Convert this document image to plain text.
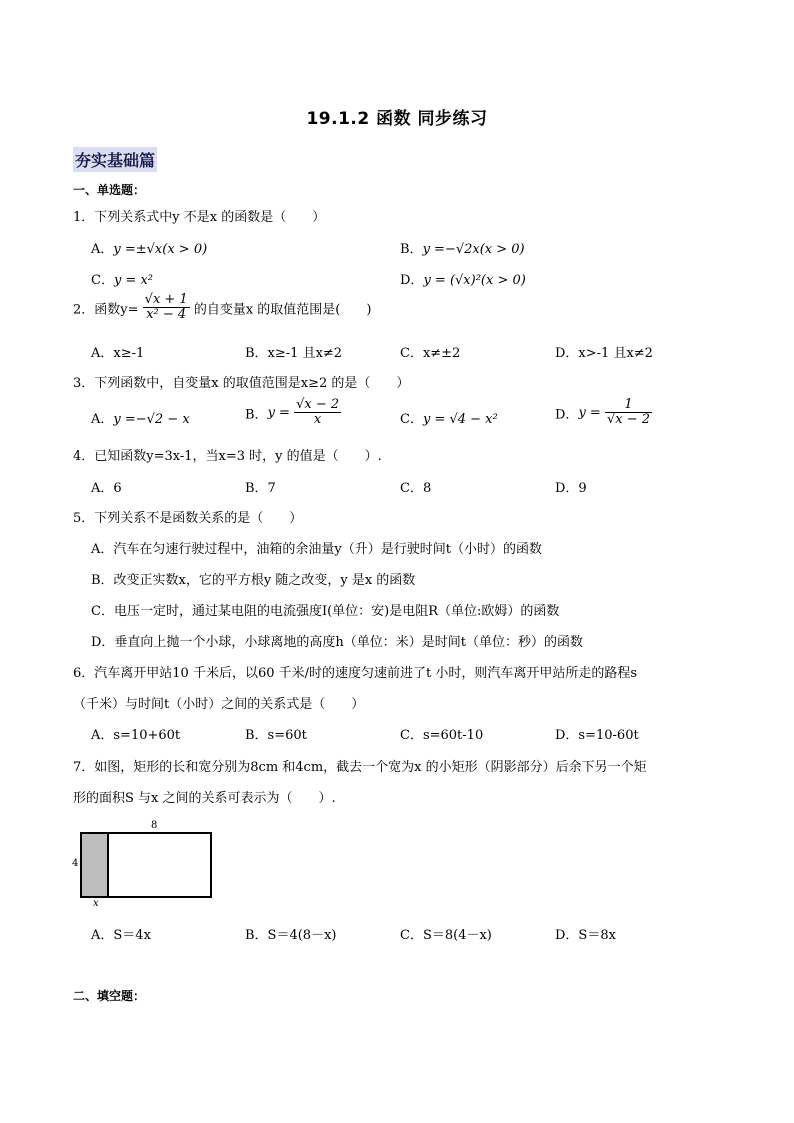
19.1.2 函数 同步练习
夯实基础篇
一、单选题：
1．下列关系式中y 不是x 的函数是（　　）
A．y =±√x(x > 0)	B．y =−√2x(x > 0)
C．y = x²	D．y = (√x)²(x > 0)
2．函数$y= \frac{√x + 1}{\text{x² − 4}}$ 的自变量x 的取值范围是(　　)
A．x≥-1	B．x≥-1 且x≠2	C．x≠±2	D．x>-1 且x≠2
3．下列函数中，自变量x 的取值范围是x≥2 的是（　　）
A．y =−√2 − x	B．$y = \frac{√x - 2}{x}$	C．y = √4 − x²	D．$y = \frac{1}{√x - 2}$
4．已知函数y=3x-1，当x=3 时，y 的值是（　　）.
A．6	B．7	C．8	D．9
5．下列关系不是函数关系的是（　　）
A．汽车在匀速行驶过程中，油箱的余油量y（升）是行驶时间t（小时）的函数
B．改变正实数x，它的平方根y 随之改变，y 是x 的函数
C．电压一定时，通过某电阻的电流强度I(单位：安)是电阻R（单位:欧姆）的函数
D．垂直向上抛一个小球，小球离地的高度h（单位：米）是时间t（单位：秒）的函数
6．汽车离开甲站10 千米后，以60 千米/时的速度匀速前进了t 小时，则汽车离开甲站所走的路程s
（千米）与时间t（小时）之间的关系式是（　　）
A．s=10+60t	B．s=60t	C．s=60t-10	D．s=10-60t
7．如图，矩形的长和宽分别为8cm 和4cm，截去一个宽为x 的小矩形（阴影部分）后余下另一个矩
形的面积S 与x 之间的关系可表示为（　　）.
8
4
x
A．S＝4x	B．S＝4(8－x)	C．S＝8(4－x)	D．S＝8x
二、填空题：
